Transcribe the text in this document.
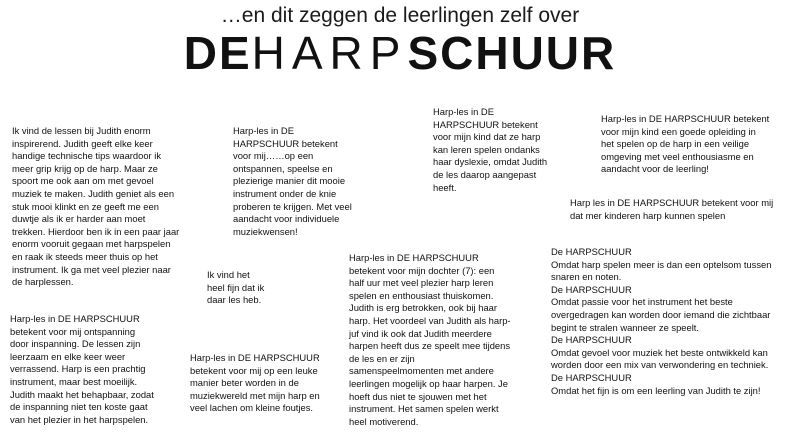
…en dit zeggen de leerlingen zelf over
DEHARPSCHUUR
Ik vind de lessen bij Judith enorm inspirerend. Judith geeft elke keer handige technische tips waardoor ik meer grip krijg op de harp. Maar ze spoort me ook aan om met gevoel muziek te maken. Judith geniet als een stuk mooi klinkt en ze geeft me een duwtje als ik er harder aan moet trekken. Hierdoor ben ik in een paar jaar enorm vooruit gegaan met harpspelen en raak ik steeds meer thuis op het instrument. Ik ga met veel plezier naar de harplessen.
Harp-les in DE HARPSCHUUR betekent voor mij……op een ontspannen, speelse en plezierige manier dit mooie instrument onder de knie proberen te krijgen. Met veel aandacht voor individuele muziekwensen!
Harp-les in DE HARPSCHUUR betekent voor mijn kind dat ze harp kan leren spelen ondanks haar dyslexie, omdat Judith de les daarop aangepast heeft.
Harp-les in DE HARPSCHUUR betekent voor mijn kind een goede opleiding in het spelen op de harp in een veilige omgeving met veel enthousiasme en aandacht voor de leerling!
Harp les in DE HARPSCHUUR betekent voor mij dat mer kinderen harp kunnen spelen
Ik vind het heel fijn dat ik daar les heb.
Harp-les in DE HARPSCHUUR betekent voor mijn dochter (7): een half uur met veel plezier harp leren spelen en enthousiast thuiskomen. Judith is erg betrokken, ook bij haar harp. Het voordeel van Judith als harp-juf vind ik ook dat Judith meerdere harpen heeft dus ze speelt mee tijdens de les en er zijn samenspeelmomenten met andere leerlingen mogelijk op haar harpen. Je hoeft dus niet te sjouwen met het instrument. Het samen spelen werkt heel motiverend.
Harp-les in DE HARPSCHUUR betekent voor mij ontspanning door inspanning. De lessen zijn leerzaam en elke keer weer verrassend. Harp is een prachtig instrument, maar best moeilijk. Judith maakt het behapbaar, zodat de inspanning niet ten koste gaat van het plezier in het harpspelen.
Harp-les in DE HARPSCHUUR betekent voor mij op een leuke manier beter worden in de muziekwereld met mijn harp en veel lachen om kleine foutjes.

De HARPSCHUUR

Omdat harp spelen meer is dan een optelsom tussen snaren en noten.

De HARPSCHUUR

Omdat passie voor het instrument het beste overgedragen kan worden door iemand die zichtbaar begint te stralen wanneer ze speelt.

De HARPSCHUUR

Omdat gevoel voor muziek het beste ontwikkeld kan worden door een mix van verwondering en techniek.

De HARPSCHUUR

Omdat het fijn is om een leerling van Judith te zijn!
